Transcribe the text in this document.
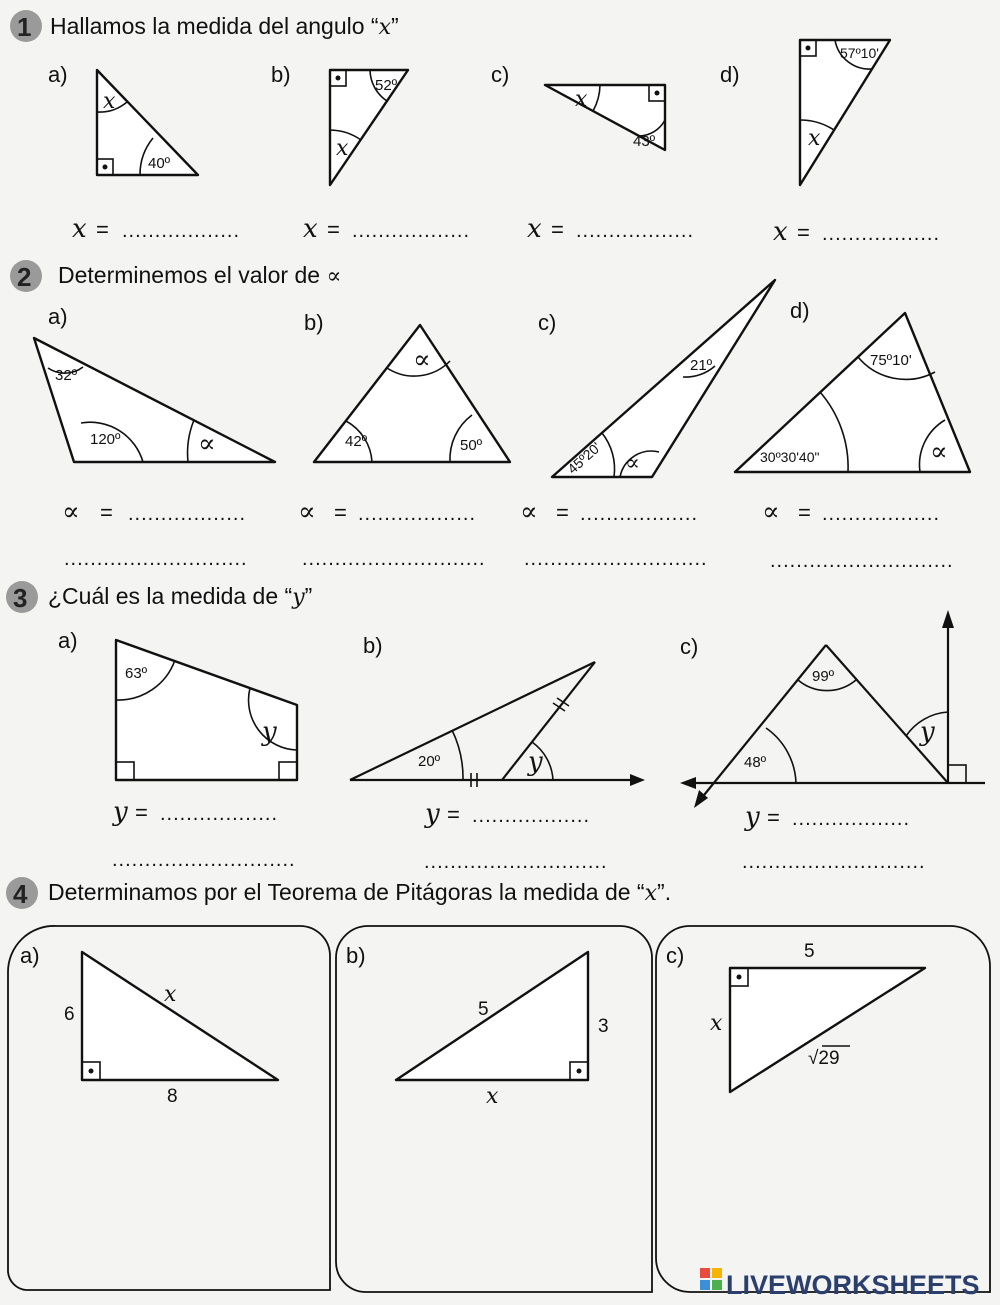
1 Hallamos la medida del angulo “x”
a)
x
40º
b)	52º
x
c)
x
43º
d)
57º10'
x
x = .................. x = .................. x = ..................	x = ..................
2 Determinemos el valor de ∝
a)
32º
120º	∝
b)
∝
42º	50º
c)
21º
45º20' ∝
d)
75º10'
30º30'40"	∝
∝ = ..................
............................
∝ = ..................
............................
∝ = ..................
............................
∝ = ..................
............................
3 ¿Cuál es la medida de “y”
a)
63º
y
b)
20º	y
c)
99º
48º
y
y = ..................
............................
y = ..................
............................
y = ..................
............................
4 Determinamos por el Teorema de Pitágoras la medida de “x”.
a)
6
8
x
b)
5
3
x
c)	5
√29
x
LIVEWORKSHEETS
